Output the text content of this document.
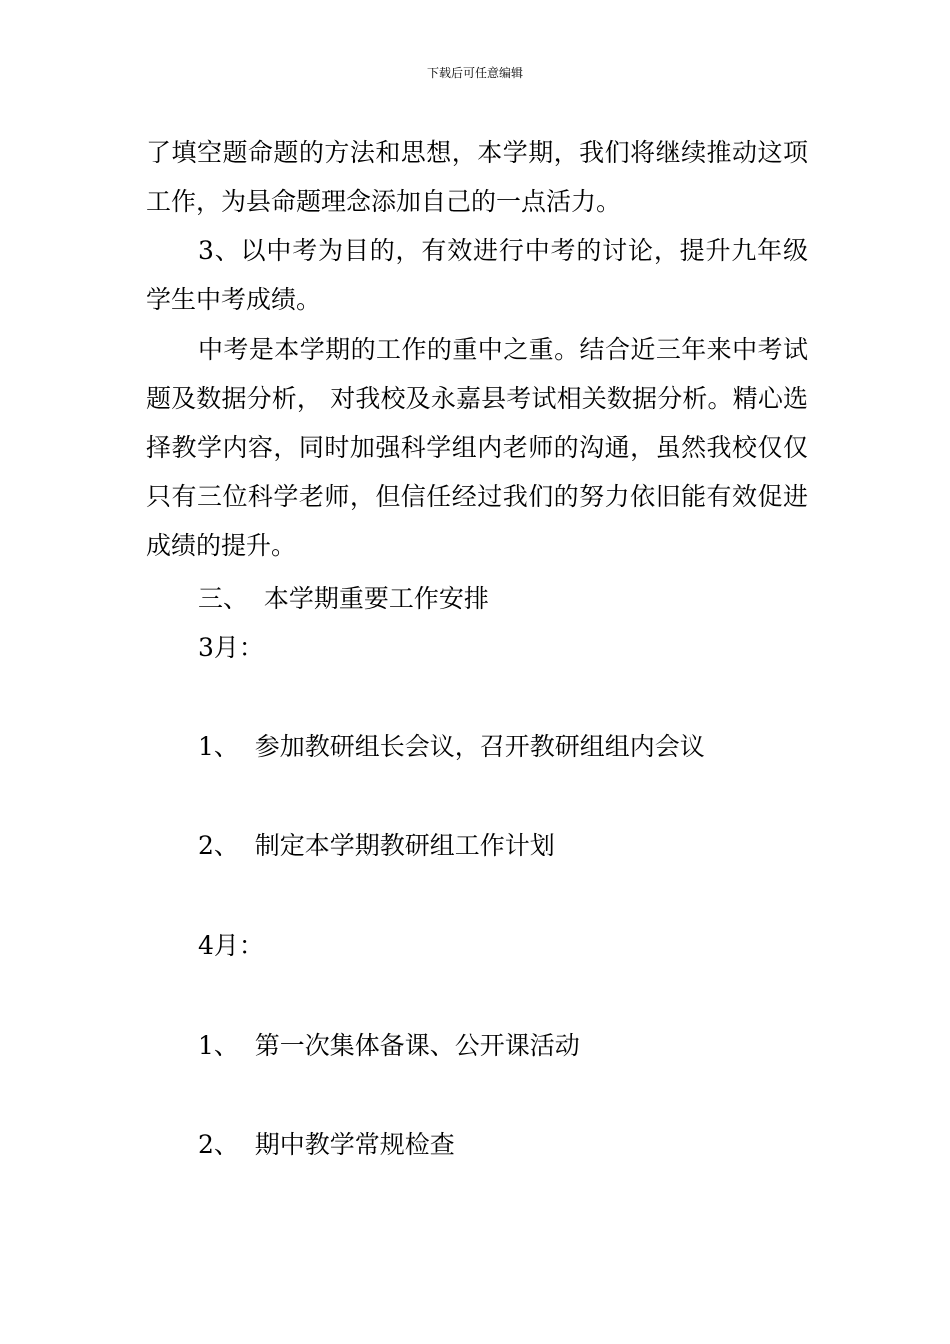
下载后可任意编辑

了填空题命题的方法和思想，本学期，我们将继续推动这项工作，为县命题理念添加自己的一点活力。

3、以中考为目的，有效进行中考的讨论，提升九年级学生中考成绩。

中考是本学期的工作的重中之重。结合近三年来中考试题及数据分析， 对我校及永嘉县考试相关数据分析。精心选择教学内容，同时加强科学组内老师的沟通，虽然我校仅仅只有三位科学老师，但信任经过我们的努力依旧能有效促进成绩的提升。

三、  本学期重要工作安排
3月：
1、  参加教研组长会议，召开教研组组内会议
2、  制定本学期教研组工作计划
4月：
1、  第一次集体备课、公开课活动
2、  期中教学常规检查
